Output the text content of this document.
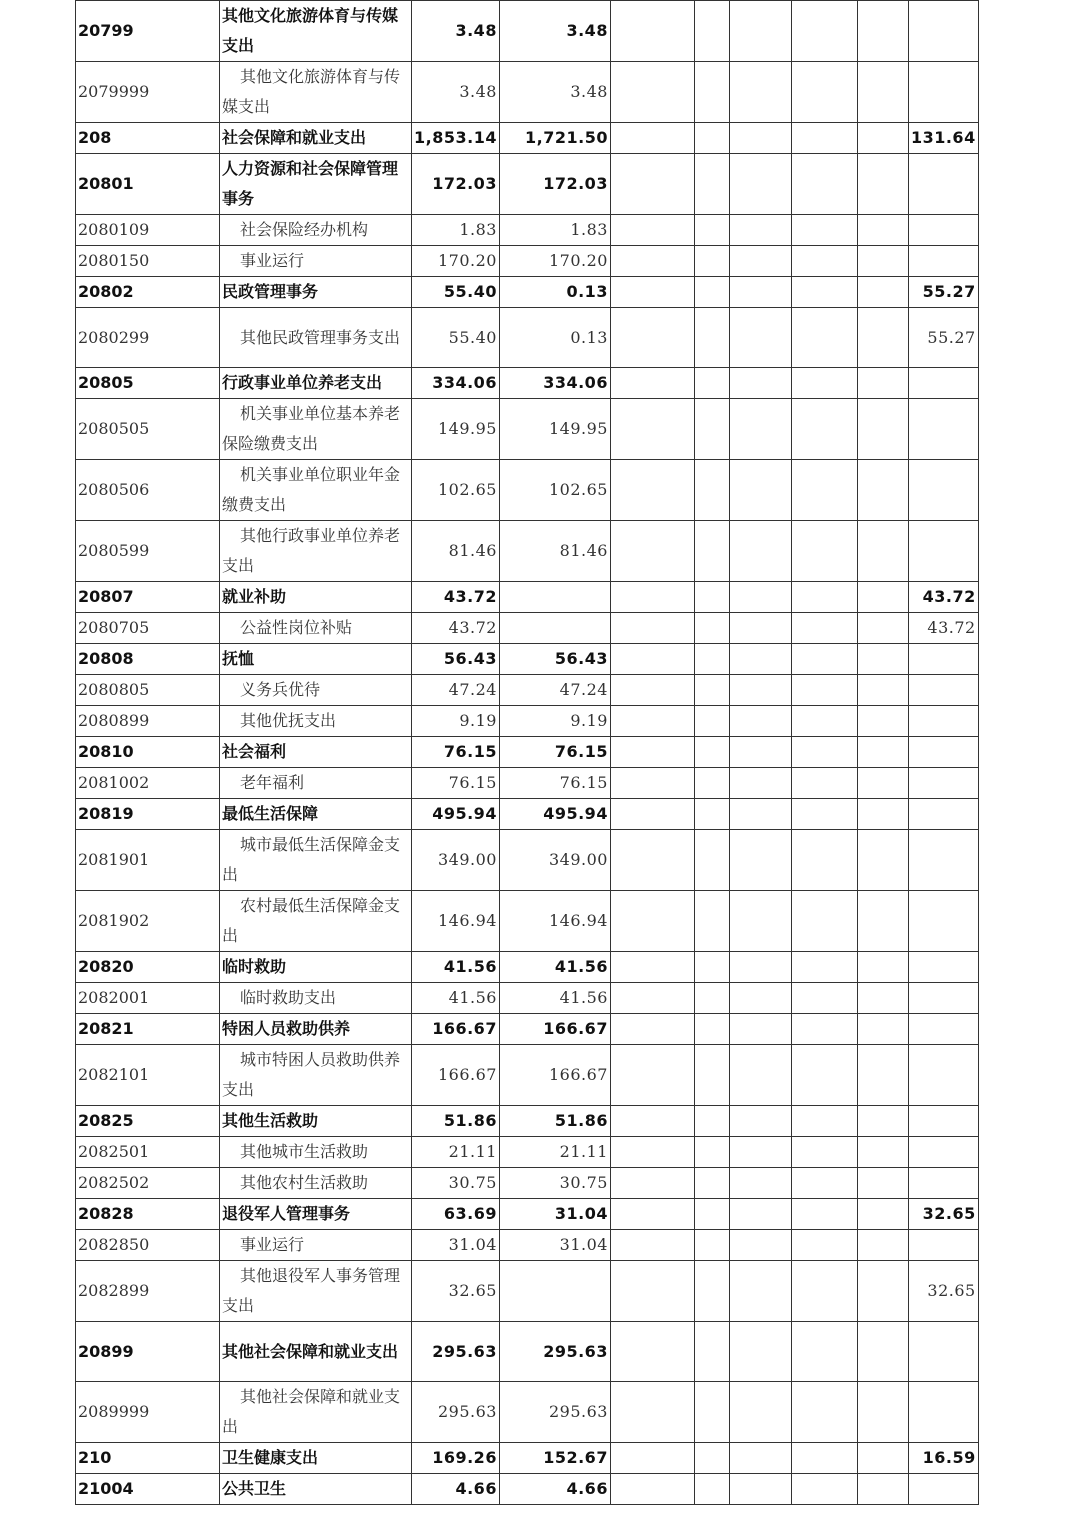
20799	其他文化旅游体育与传媒支出	3.48	3.48						
2079999	其他文化旅游体育与传媒支出	3.48	3.48						
208	社会保障和就业支出	1,853.14	1,721.50						131.64
20801	人力资源和社会保障管理事务	172.03	172.03						
2080109	社会保险经办机构	1.83	1.83						
2080150	事业运行	170.20	170.20						
20802	民政管理事务	55.40	0.13						55.27
2080299	其他民政管理事务支出	55.40	0.13						55.27
20805	行政事业单位养老支出	334.06	334.06						
2080505	机关事业单位基本养老保险缴费支出	149.95	149.95						
2080506	机关事业单位职业年金缴费支出	102.65	102.65						
2080599	其他行政事业单位养老支出	81.46	81.46						
20807	就业补助	43.72							43.72
2080705	公益性岗位补贴	43.72							43.72
20808	抚恤	56.43	56.43						
2080805	义务兵优待	47.24	47.24						
2080899	其他优抚支出	9.19	9.19						
20810	社会福利	76.15	76.15						
2081002	老年福利	76.15	76.15						
20819	最低生活保障	495.94	495.94						
2081901	城市最低生活保障金支出	349.00	349.00						
2081902	农村最低生活保障金支出	146.94	146.94						
20820	临时救助	41.56	41.56						
2082001	临时救助支出	41.56	41.56						
20821	特困人员救助供养	166.67	166.67						
2082101	城市特困人员救助供养支出	166.67	166.67						
20825	其他生活救助	51.86	51.86						
2082501	其他城市生活救助	21.11	21.11						
2082502	其他农村生活救助	30.75	30.75						
20828	退役军人管理事务	63.69	31.04						32.65
2082850	事业运行	31.04	31.04						
2082899	其他退役军人事务管理支出	32.65							32.65
20899	其他社会保障和就业支出	295.63	295.63						
2089999	其他社会保障和就业支出	295.63	295.63						
210	卫生健康支出	169.26	152.67						16.59
21004	公共卫生	4.66	4.66						
